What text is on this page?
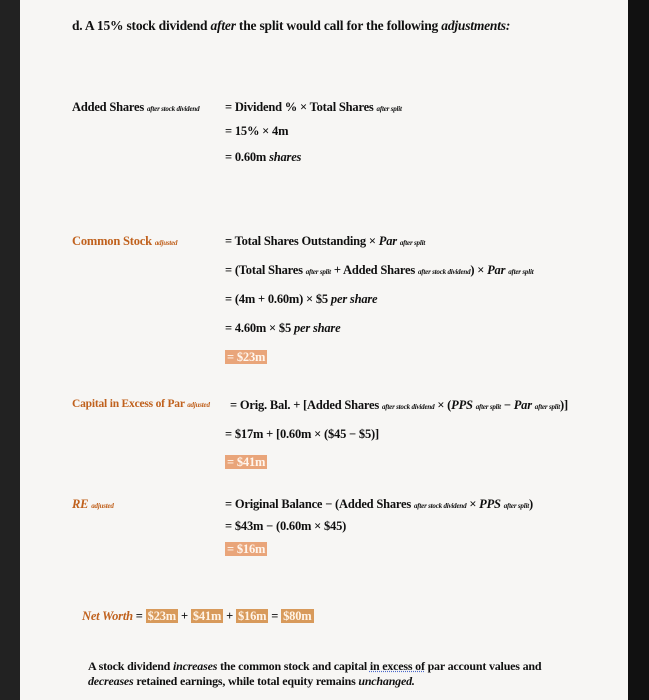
d. A 15% stock dividend after the split would call for the following adjustments:
Added Shares after stock dividend = Dividend % × Total Shares after split
= 15% × 4m
= 0.60m shares
Common Stock adjusted	= Total Shares Outstanding × Par after split
= (Total Shares after split + Added Shares after stock dividend) × Par after split
= (4m + 0.60m) × $5 per share
= 4.60m × $5 per share
= $23m
Capital in Excess of Par adjusted = Orig. Bal. + [Added Shares after stock dividend × (PPS after split − Par after split)]
= $17m + [0.60m × ($45 − $5)]
= $41m
RE adjusted	= Original Balance − (Added Shares after stock dividend × PPS after split)
= $43m − (0.60m × $45)
= $16m
Net Worth = $23m + $41m + $16m = $80m
A stock dividend increases the common stock and capital in excess of par account values and decreases retained earnings, while total equity remains unchanged.
